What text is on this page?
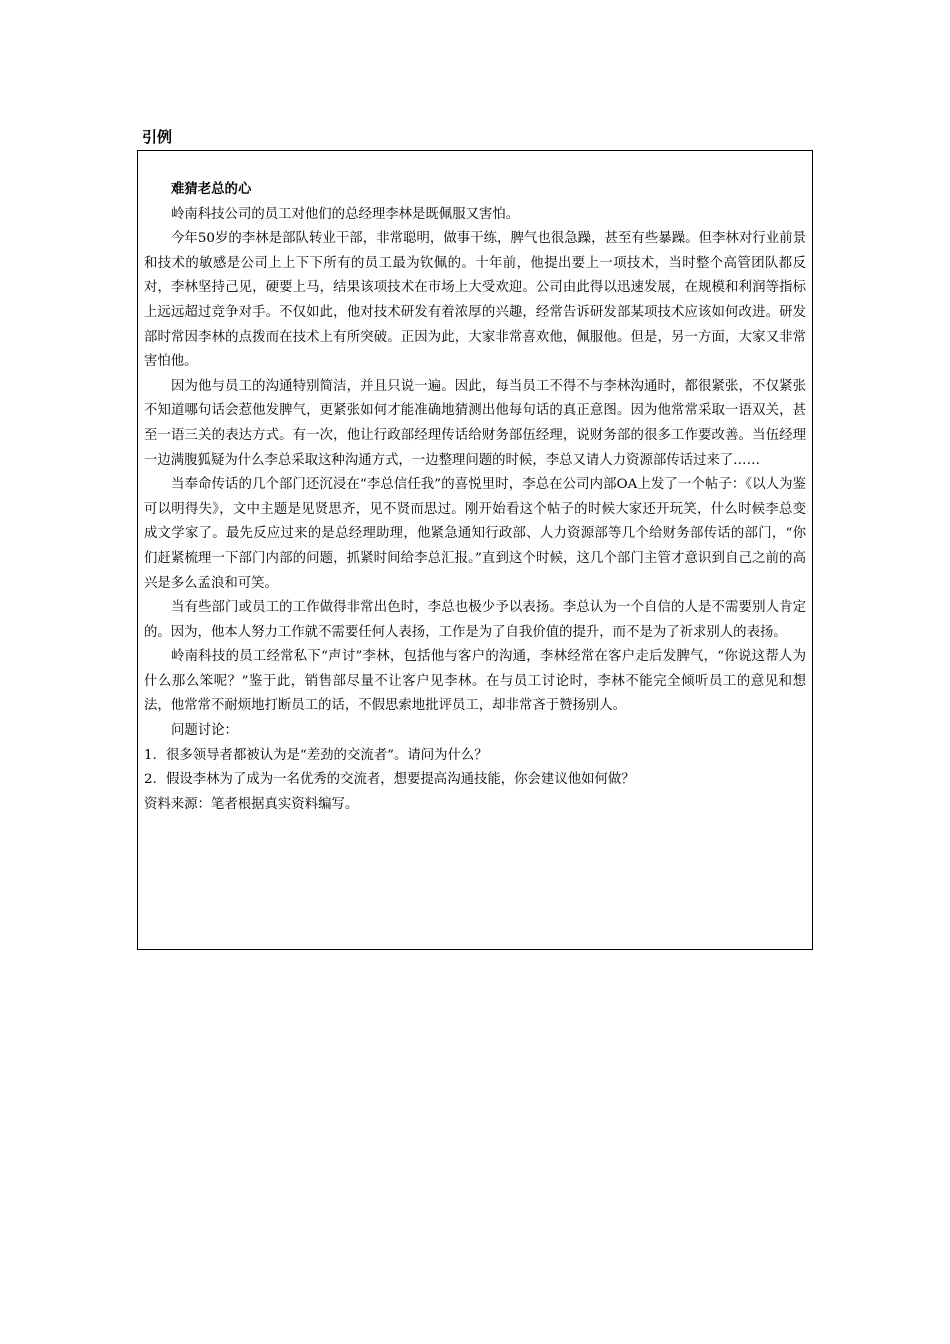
引例

难猜老总的心

岭南科技公司的员工对他们的总经理李林是既佩服又害怕。

今年50岁的李林是部队转业干部，非常聪明，做事干练，脾气也很急躁，甚至有些暴躁。但李林对行业前景和技术的敏感是公司上上下下所有的员工最为钦佩的。十年前，他提出要上一项技术，当时整个高管团队都反对，李林坚持己见，硬要上马，结果该项技术在市场上大受欢迎。公司由此得以迅速发展，在规模和利润等指标上远远超过竞争对手。不仅如此，他对技术研发有着浓厚的兴趣，经常告诉研发部某项技术应该如何改进。研发部时常因李林的点拨而在技术上有所突破。正因为此，大家非常喜欢他，佩服他。但是，另一方面，大家又非常害怕他。

因为他与员工的沟通特别简洁，并且只说一遍。因此，每当员工不得不与李林沟通时，都很紧张，不仅紧张不知道哪句话会惹他发脾气，更紧张如何才能准确地猜测出他每句话的真正意图。因为他常常采取一语双关，甚至一语三关的表达方式。有一次，他让行政部经理传话给财务部伍经理，说财务部的很多工作要改善。当伍经理一边满腹狐疑为什么李总采取这种沟通方式，一边整理问题的时候，李总又请人力资源部传话过来了……

当奉命传话的几个部门还沉浸在“李总信任我”的喜悦里时，李总在公司内部OA上发了一个帖子：《以人为鉴可以明得失》，文中主题是见贤思齐，见不贤而思过。刚开始看这个帖子的时候大家还开玩笑，什么时候李总变成文学家了。最先反应过来的是总经理助理，他紧急通知行政部、人力资源部等几个给财务部传话的部门，“你们赶紧梳理一下部门内部的问题，抓紧时间给李总汇报。”直到这个时候，这几个部门主管才意识到自己之前的高兴是多么孟浪和可笑。

当有些部门或员工的工作做得非常出色时，李总也极少予以表扬。李总认为一个自信的人是不需要别人肯定的。因为，他本人努力工作就不需要任何人表扬，工作是为了自我价值的提升，而不是为了祈求别人的表扬。

岭南科技的员工经常私下“声讨”李林，包括他与客户的沟通，李林经常在客户走后发脾气，“你说这帮人为什么那么笨呢？”鉴于此，销售部尽量不让客户见李林。在与员工讨论时，李林不能完全倾听员工的意见和想法，他常常不耐烦地打断员工的话，不假思索地批评员工，却非常吝于赞扬别人。

问题讨论：

1. 很多领导者都被认为是“差劲的交流者”。请问为什么？

2. 假设李林为了成为一名优秀的交流者，想要提高沟通技能，你会建议他如何做？

资料来源：笔者根据真实资料编写。
